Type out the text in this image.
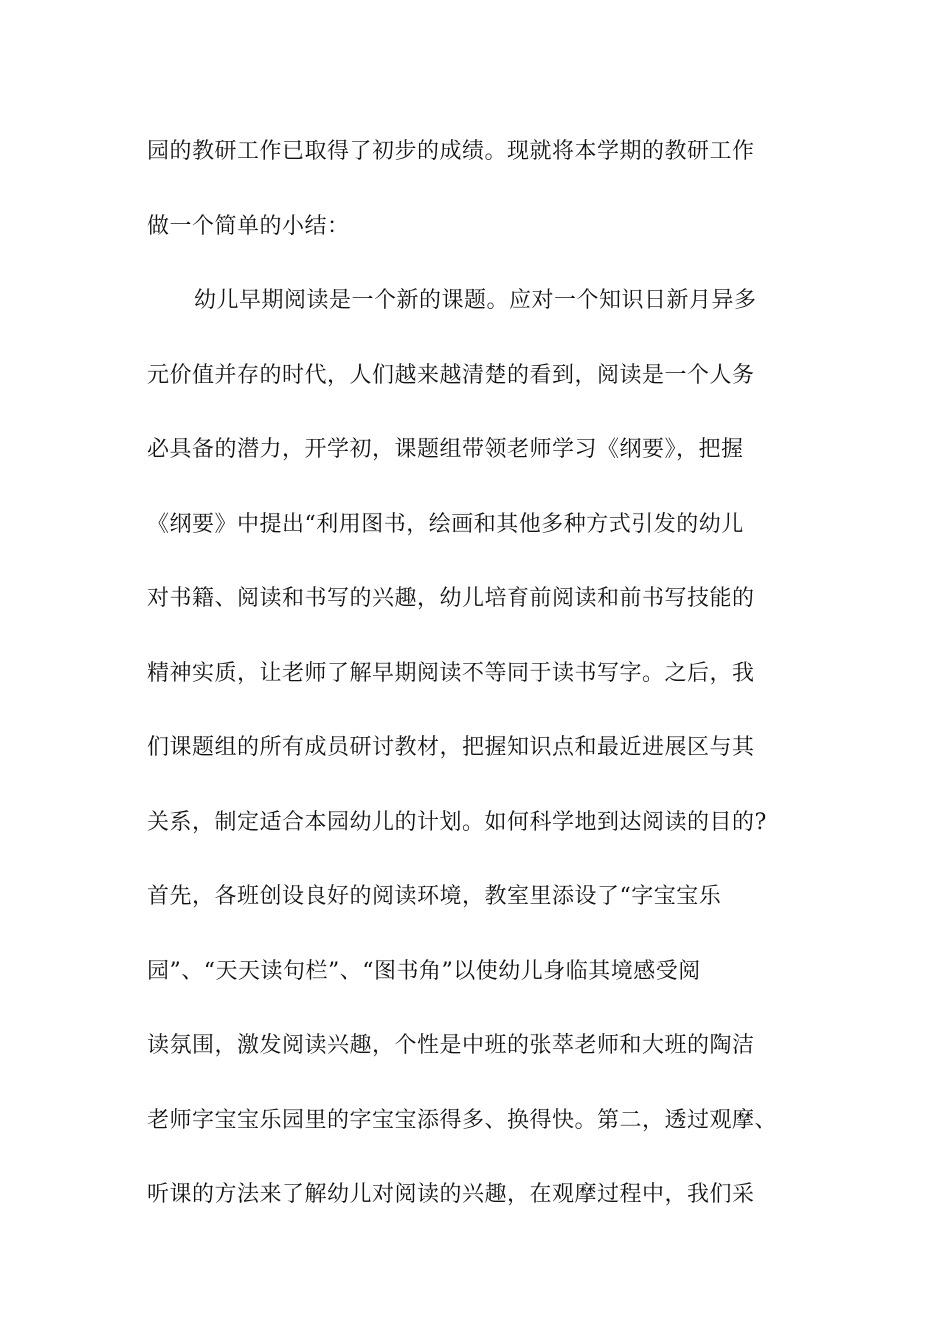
园的教研工作已取得了初步的成绩。现就将本学期的教研工作
做一个简单的小结：
幼儿早期阅读是一个新的课题。应对一个知识日新月异多
元价值并存的时代，人们越来越清楚的看到，阅读是一个人务
必具备的潜力，开学初，课题组带领老师学习《纲要》，把握
《纲要》中提出“利用图书，绘画和其他多种方式引发的幼儿
对书籍、阅读和书写的兴趣，幼儿培育前阅读和前书写技能的
精神实质，让老师了解早期阅读不等同于读书写字。之后，我
们课题组的所有成员研讨教材，把握知识点和最近进展区与其
关系，制定适合本园幼儿的计划。如何科学地到达阅读的目的?
首先，各班创设良好的阅读环境，教室里添设了“字宝宝乐
园”、“天天读句栏”、“图书角”以使幼儿身临其境感受阅
读氛围，激发阅读兴趣，个性是中班的张萃老师和大班的陶洁
老师字宝宝乐园里的字宝宝添得多、换得快。第二，透过观摩、
听课的方法来了解幼儿对阅读的兴趣，在观摩过程中，我们采
